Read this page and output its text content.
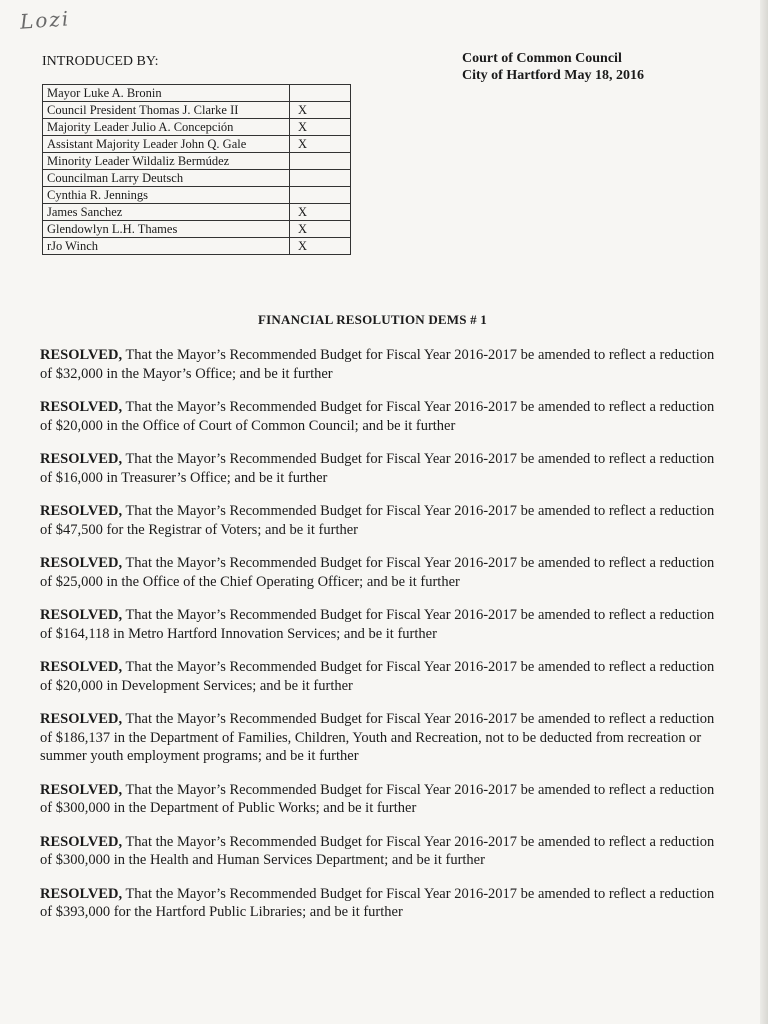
Lozi
INTRODUCED BY:	Court of Common Council
City of Hartford May 18, 2016
Mayor Luke A. Bronin	
Council President Thomas J. Clarke II	X
Majority Leader Julio A. Concepción	X
Assistant Majority Leader John Q. Gale	X
Minority Leader Wildaliz Bermúdez	
Councilman Larry Deutsch	
Cynthia R. Jennings	
James Sanchez	X
Glendowlyn L.H. Thames	X
rJo Winch	X
FINANCIAL RESOLUTION DEMS # 1

RESOLVED, That the Mayor’s Recommended Budget for Fiscal Year 2016-2017 be amended to reflect a reduction of $32,000 in the Mayor’s Office; and be it further

RESOLVED, That the Mayor’s Recommended Budget for Fiscal Year 2016-2017 be amended to reflect a reduction of $20,000 in the Office of Court of Common Council; and be it further

RESOLVED, That the Mayor’s Recommended Budget for Fiscal Year 2016-2017 be amended to reflect a reduction of $16,000 in Treasurer’s Office; and be it further

RESOLVED, That the Mayor’s Recommended Budget for Fiscal Year 2016-2017 be amended to reflect a reduction of $47,500 for the Registrar of Voters; and be it further

RESOLVED, That the Mayor’s Recommended Budget for Fiscal Year 2016-2017 be amended to reflect a reduction of $25,000 in the Office of the Chief Operating Officer; and be it further

RESOLVED, That the Mayor’s Recommended Budget for Fiscal Year 2016-2017 be amended to reflect a reduction of $164,118 in Metro Hartford Innovation Services; and be it further

RESOLVED, That the Mayor’s Recommended Budget for Fiscal Year 2016-2017 be amended to reflect a reduction of $20,000 in Development Services; and be it further

RESOLVED, That the Mayor’s Recommended Budget for Fiscal Year 2016-2017 be amended to reflect a reduction of $186,137 in the Department of Families, Children, Youth and Recreation, not to be deducted from recreation or summer youth employment programs; and be it further

RESOLVED, That the Mayor’s Recommended Budget for Fiscal Year 2016-2017 be amended to reflect a reduction of $300,000 in the Department of Public Works; and be it further

RESOLVED, That the Mayor’s Recommended Budget for Fiscal Year 2016-2017 be amended to reflect a reduction of $300,000 in the Health and Human Services Department; and be it further

RESOLVED, That the Mayor’s Recommended Budget for Fiscal Year 2016-2017 be amended to reflect a reduction of $393,000 for the Hartford Public Libraries; and be it further
